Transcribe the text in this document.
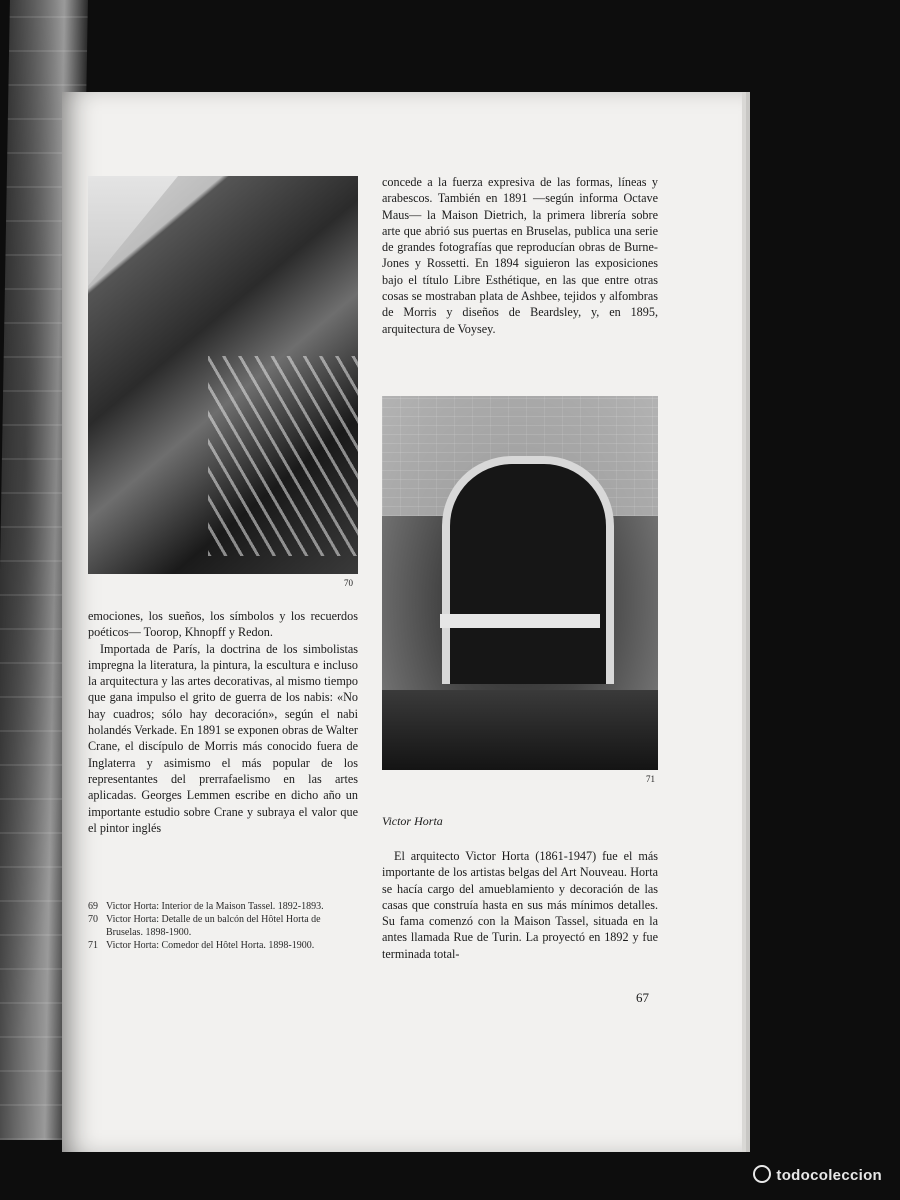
70

concede a la fuerza expresiva de las formas, líneas y arabescos. También en 1891 —según informa Octave Maus— la Maison Dietrich, la primera librería sobre arte que abrió sus puertas en Bruselas, publica una serie de grandes fotografías que reproducían obras de Burne-Jones y Rossetti. En 1894 siguieron las exposiciones bajo el título Libre Esthétique, en las que entre otras cosas se mostraban plata de Ashbee, tejidos y alfombras de Morris y diseños de Beardsley, y, en 1895, arquitectura de Voysey.

71

emociones, los sueños, los símbolos y los recuerdos poéticos— Toorop, Khnopff y Redon.

Importada de París, la doctrina de los simbolistas impregna la literatura, la pintura, la escultura e incluso la arquitectura y las artes decorativas, al mismo tiempo que gana impulso el grito de guerra de los nabis: «No hay cuadros; sólo hay decoración», según el nabi holandés Verkade. En 1891 se exponen obras de Walter Crane, el discípulo de Morris más conocido fuera de Inglaterra y asimismo el más popular de los representantes del prerrafaelismo en las artes aplicadas. Georges Lemmen escribe en dicho año un importante estudio sobre Crane y subraya el valor que el pintor inglés	Victor Horta

El arquitecto Victor Horta (1861-1947) fue el más importante de los artistas belgas del Art Nouveau. Horta se hacía cargo del amueblamiento y decoración de las casas que construía hasta en sus más mínimos detalles. Su fama comenzó con la Maison Tassel, situada en la antes llamada Rue de Turin. La proyectó en 1892 y fue terminada total-

69 Victor Horta: Interior de la Maison Tassel. 1892-1893.
70 Victor Horta: Detalle de un balcón del Hôtel Horta de Bruselas. 1898-1900.
71 Victor Horta: Comedor del Hôtel Horta. 1898-1900.
67
todocoleccion
